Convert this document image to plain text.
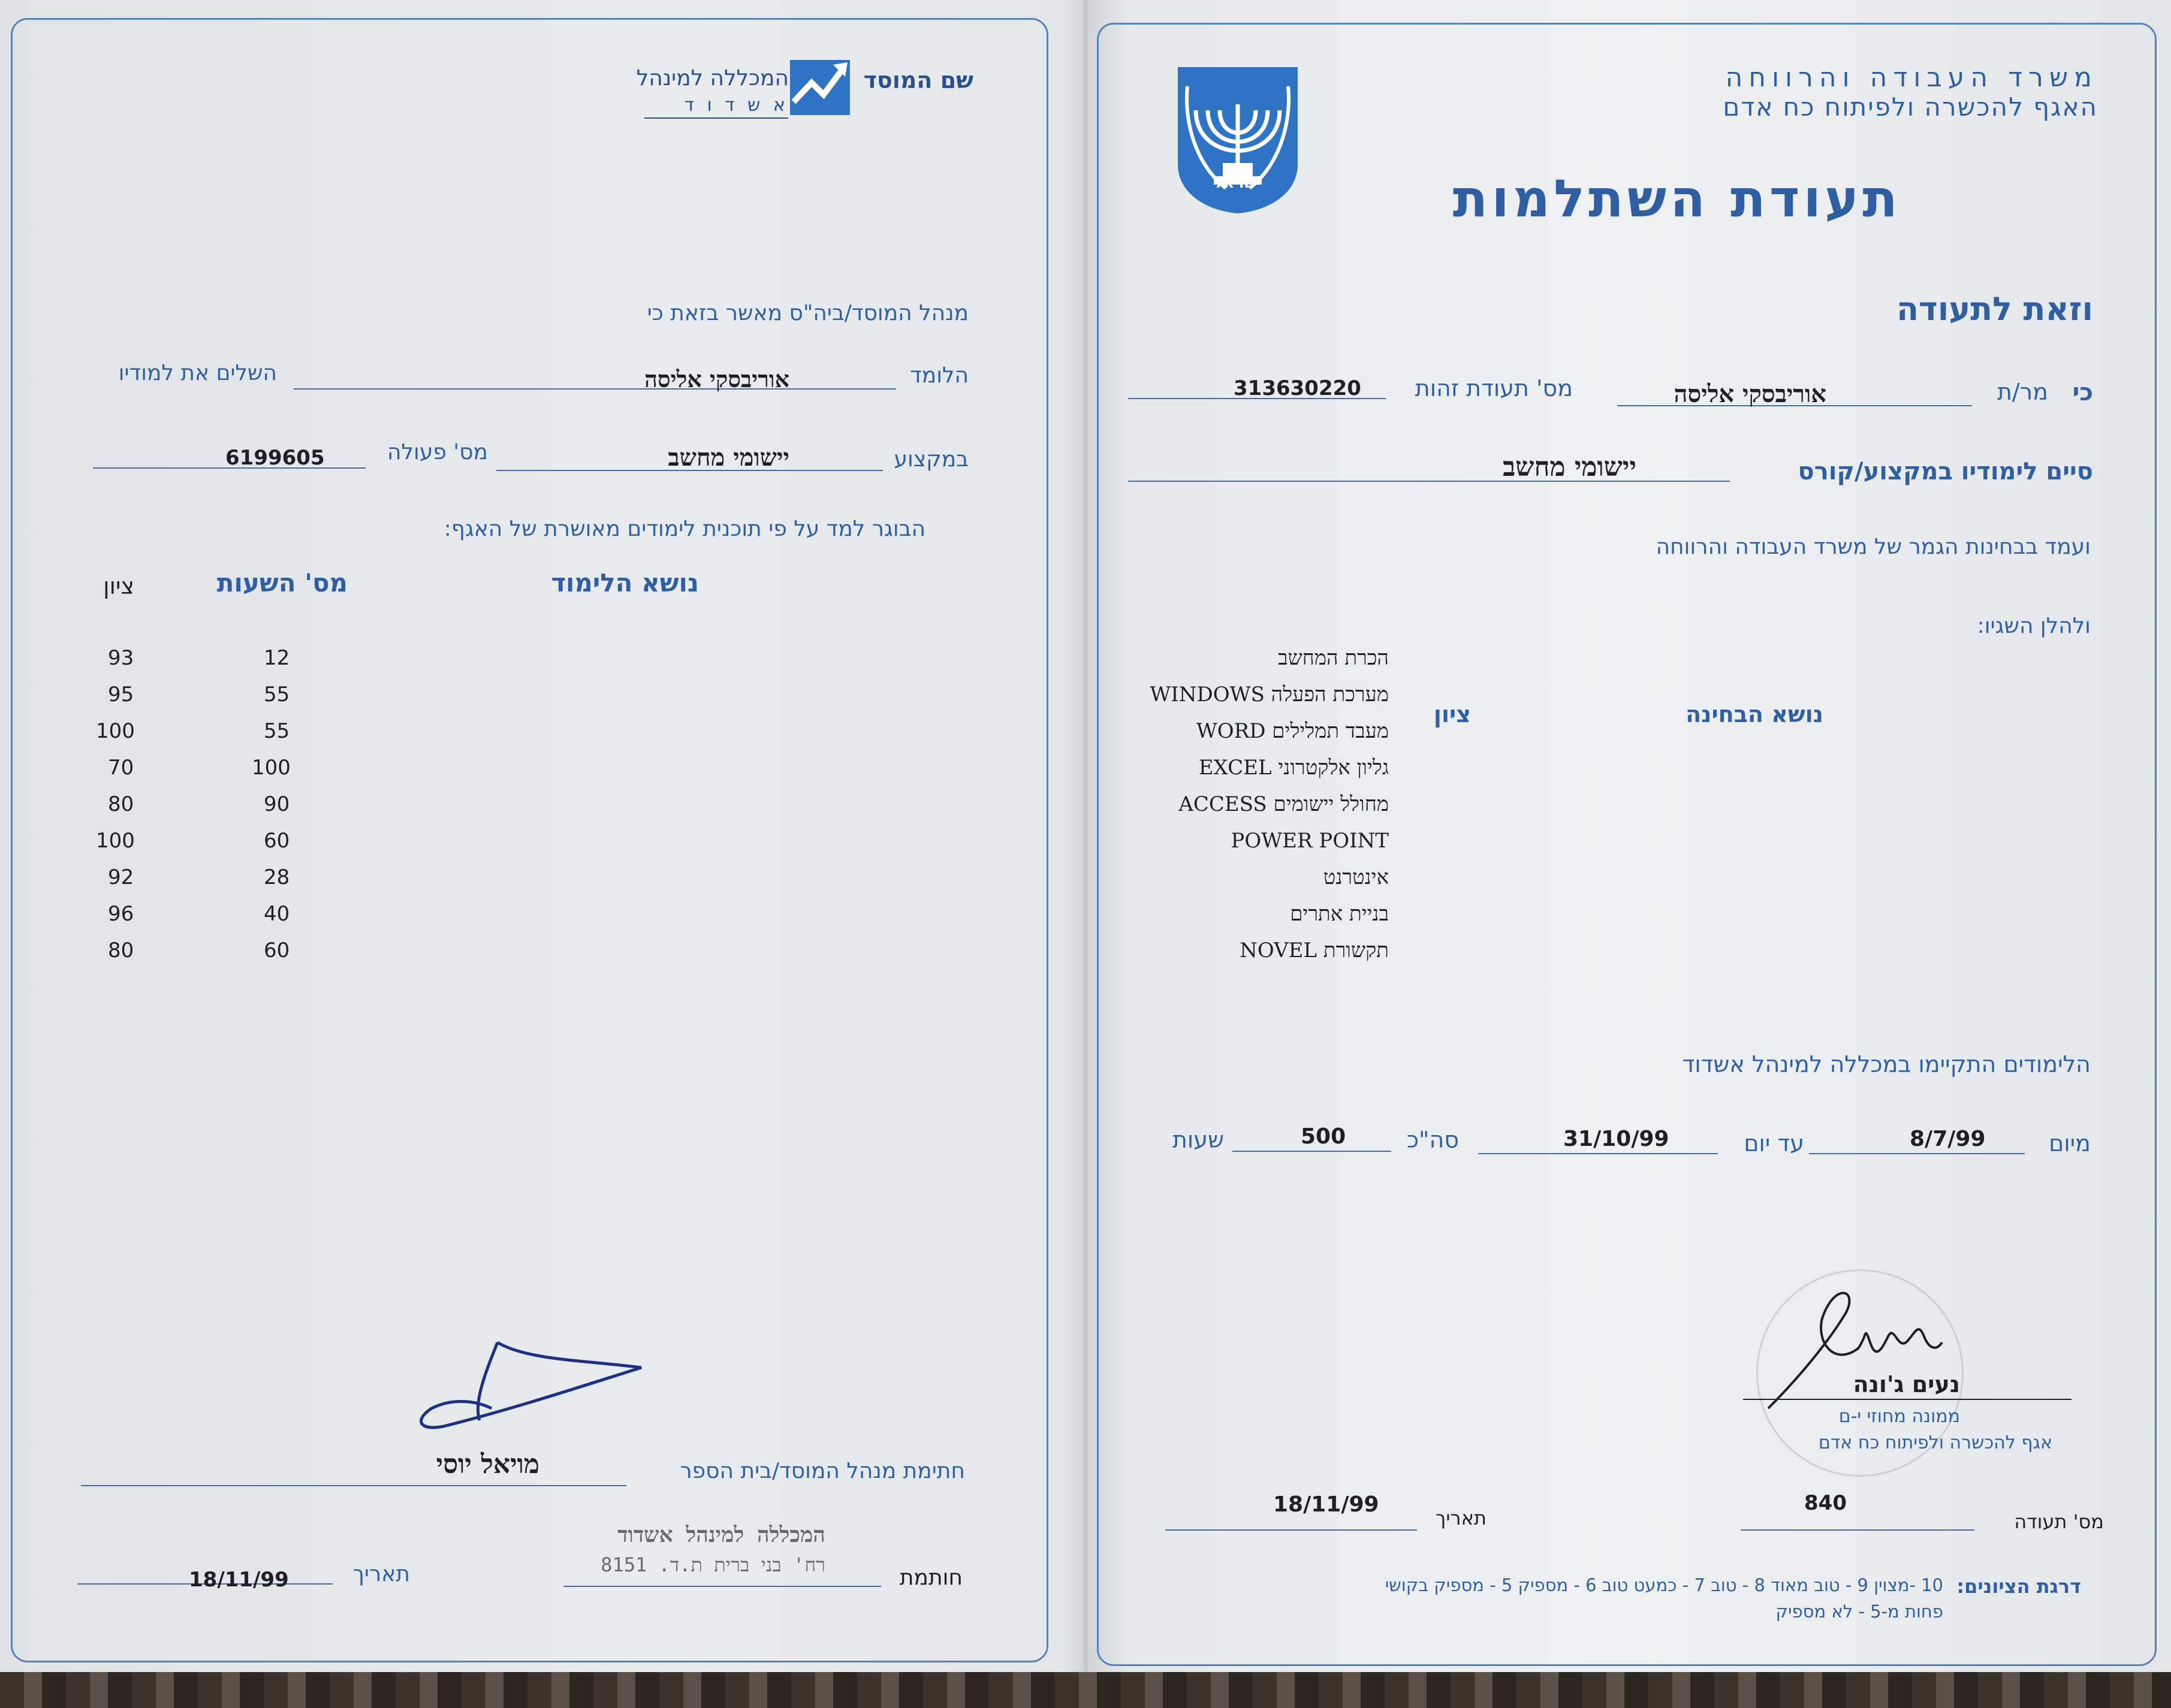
שם המוסד
המכללה למינהל
א ש ד ו ד
מנהל המוסד/ביה"ס מאשר בזאת כי
הלומד
אוריבסקי אליסה
השלים את למודיו
במקצוע
יישומי מחשב
מס' פעולה
6199605
הבוגר למד על פי תוכנית לימודים מאושרת של האגף:
נושא הלימוד
מס' השעות
ציון
הכרת המחשב
12
93
מערכת הפעלה WINDOWS
55
95
מעבד תמלילים WORD
55
100
גליון אלקטרוני EXCEL
100
70
מחולל יישומים ACCESS
90
80
POWER POINT
60
100
אינטרנט
28
92
בניית אתרים
40
96
תקשורת NOVEL
60
80
חתימת מנהל המוסד/בית הספר
מויאל יוסי
חותמת
המכללה למינהל אשדוד
רח' בני ברית ת.ד. 8151
תאריך
18/11/99
ישראל
משרד העבודה והרווחה
האגף להכשרה ולפיתוח כח אדם
תעודת השתלמות
וזאת לתעודה
כי
מר/ת
אוריבסקי אליסה
מס' תעודת זהות
313630220
סיים לימודיו במקצוע/קורס
יישומי מחשב
ועמד בבחינות הגמר של משרד העבודה והרווחה
ולהלן השגיו:
נושא הבחינה
ציון
הלימודים התקיימו במכללה למינהל אשדוד
מיום
8/7/99
עד יום
31/10/99
סה"כ
500
שעות
נעים ג'ונה
ממונה מחוזי י-ם
אגף להכשרה ולפיתוח כח אדם
מס' תעודה
840
תאריך
18/11/99
דרגת הציונים:
10 -מצוין 9 - טוב מאוד 8 - טוב 7 - כמעט טוב 6 - מספיק 5 - מספיק בקושי
פחות מ-5 - לא מספיק
